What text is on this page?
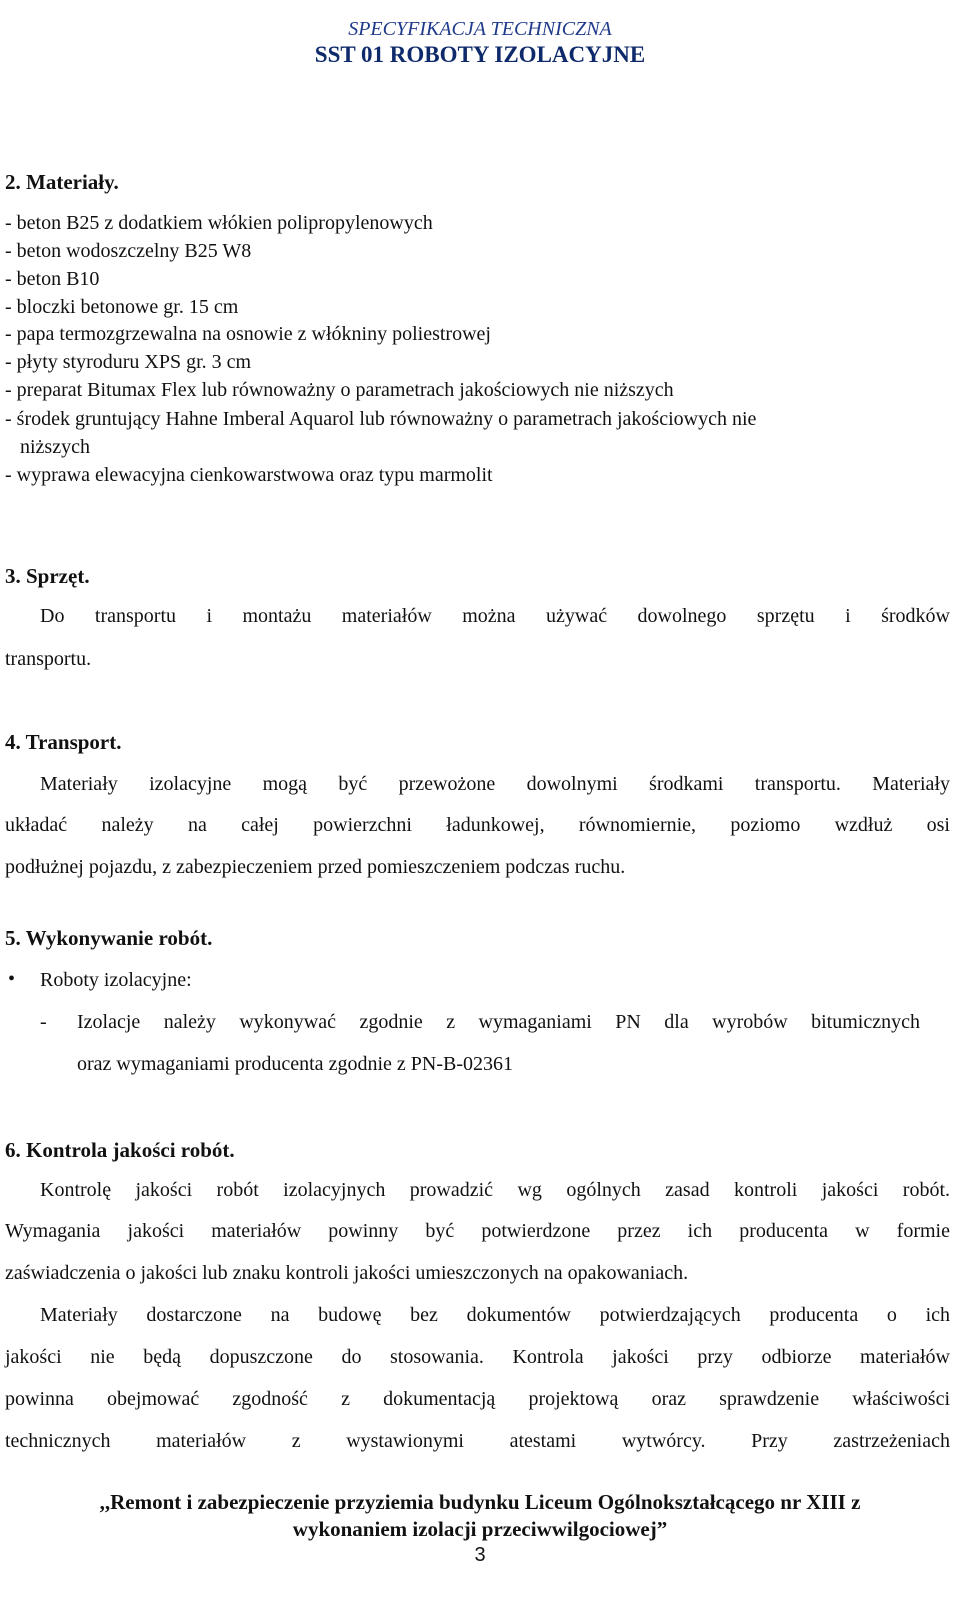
SPECYFIKACJA TECHNICZNA
SST 01 ROBOTY IZOLACYJNE
2. Materiały.
- beton B25 z dodatkiem włókien polipropylenowych
- beton wodoszczelny B25 W8
- beton B10
- bloczki betonowe gr. 15 cm
- papa termozgrzewalna na osnowie z włókniny poliestrowej
- płyty styroduru XPS gr. 3 cm
- preparat Bitumax Flex lub równoważny o parametrach jakościowych nie niższych
- środek gruntujący Hahne Imberal Aquarol lub równoważny o parametrach jakościowych nie
niższych
- wyprawa elewacyjna cienkowarstwowa oraz typu marmolit
3. Sprzęt.
Do transportu i montażu materiałów można używać dowolnego sprzętu i środków
transportu.
4. Transport.
Materiały izolacyjne mogą być przewożone dowolnymi środkami transportu. Materiały
układać należy na całej powierzchni ładunkowej, równomiernie, poziomo wzdłuż osi
podłużnej pojazdu, z zabezpieczeniem przed pomieszczeniem podczas ruchu.
5. Wykonywanie robót.
• Roboty izolacyjne:
- Izolacje należy wykonywać zgodnie z wymaganiami PN dla wyrobów bitumicznych
oraz wymaganiami producenta zgodnie z PN-B-02361
6. Kontrola jakości robót.
Kontrolę jakości robót izolacyjnych prowadzić wg ogólnych zasad kontroli jakości robót.
Wymagania jakości materiałów powinny być potwierdzone przez ich producenta w formie
zaświadczenia o jakości lub znaku kontroli jakości umieszczonych na opakowaniach.
Materiały dostarczone na budowę bez dokumentów potwierdzających producenta o ich
jakości nie będą dopuszczone do stosowania. Kontrola jakości przy odbiorze materiałów
powinna obejmować zgodność z dokumentacją projektową oraz sprawdzenie właściwości
technicznych materiałów z wystawionymi atestami wytwórcy. Przy zastrzeżeniach
,,Remont i zabezpieczenie przyziemia budynku Liceum Ogólnokształcącego nr XIII z
wykonaniem izolacji przeciwwilgociowej”
3
